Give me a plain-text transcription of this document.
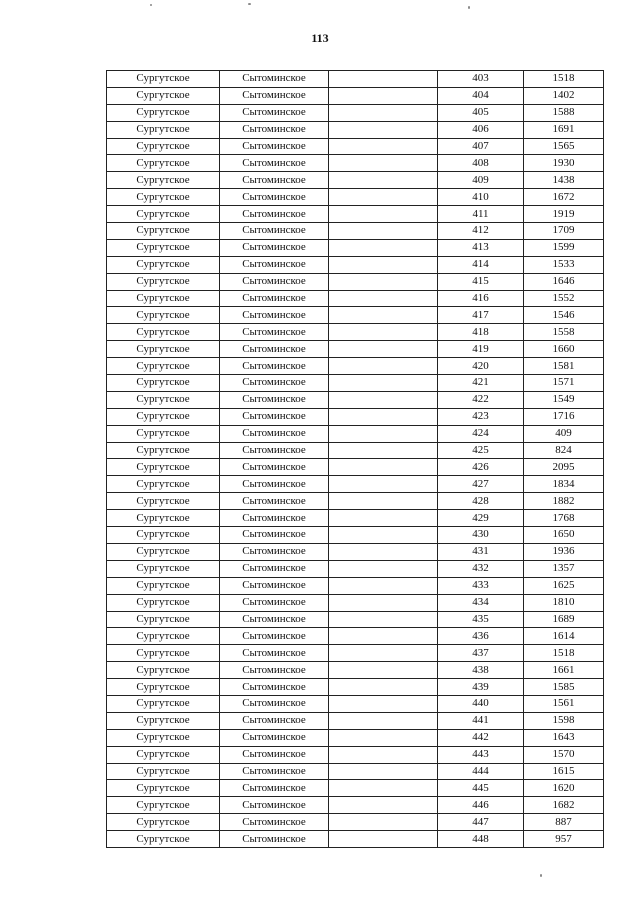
113
Сургутское	Сытоминское		403	1518
Сургутское	Сытоминское		404	1402
Сургутское	Сытоминское		405	1588
Сургутское	Сытоминское		406	1691
Сургутское	Сытоминское		407	1565
Сургутское	Сытоминское		408	1930
Сургутское	Сытоминское		409	1438
Сургутское	Сытоминское		410	1672
Сургутское	Сытоминское		411	1919
Сургутское	Сытоминское		412	1709
Сургутское	Сытоминское		413	1599
Сургутское	Сытоминское		414	1533
Сургутское	Сытоминское		415	1646
Сургутское	Сытоминское		416	1552
Сургутское	Сытоминское		417	1546
Сургутское	Сытоминское		418	1558
Сургутское	Сытоминское		419	1660
Сургутское	Сытоминское		420	1581
Сургутское	Сытоминское		421	1571
Сургутское	Сытоминское		422	1549
Сургутское	Сытоминское		423	1716
Сургутское	Сытоминское		424	409
Сургутское	Сытоминское		425	824
Сургутское	Сытоминское		426	2095
Сургутское	Сытоминское		427	1834
Сургутское	Сытоминское		428	1882
Сургутское	Сытоминское		429	1768
Сургутское	Сытоминское		430	1650
Сургутское	Сытоминское		431	1936
Сургутское	Сытоминское		432	1357
Сургутское	Сытоминское		433	1625
Сургутское	Сытоминское		434	1810
Сургутское	Сытоминское		435	1689
Сургутское	Сытоминское		436	1614
Сургутское	Сытоминское		437	1518
Сургутское	Сытоминское		438	1661
Сургутское	Сытоминское		439	1585
Сургутское	Сытоминское		440	1561
Сургутское	Сытоминское		441	1598
Сургутское	Сытоминское		442	1643
Сургутское	Сытоминское		443	1570
Сургутское	Сытоминское		444	1615
Сургутское	Сытоминское		445	1620
Сургутское	Сытоминское		446	1682
Сургутское	Сытоминское		447	887
Сургутское	Сытоминское		448	957
